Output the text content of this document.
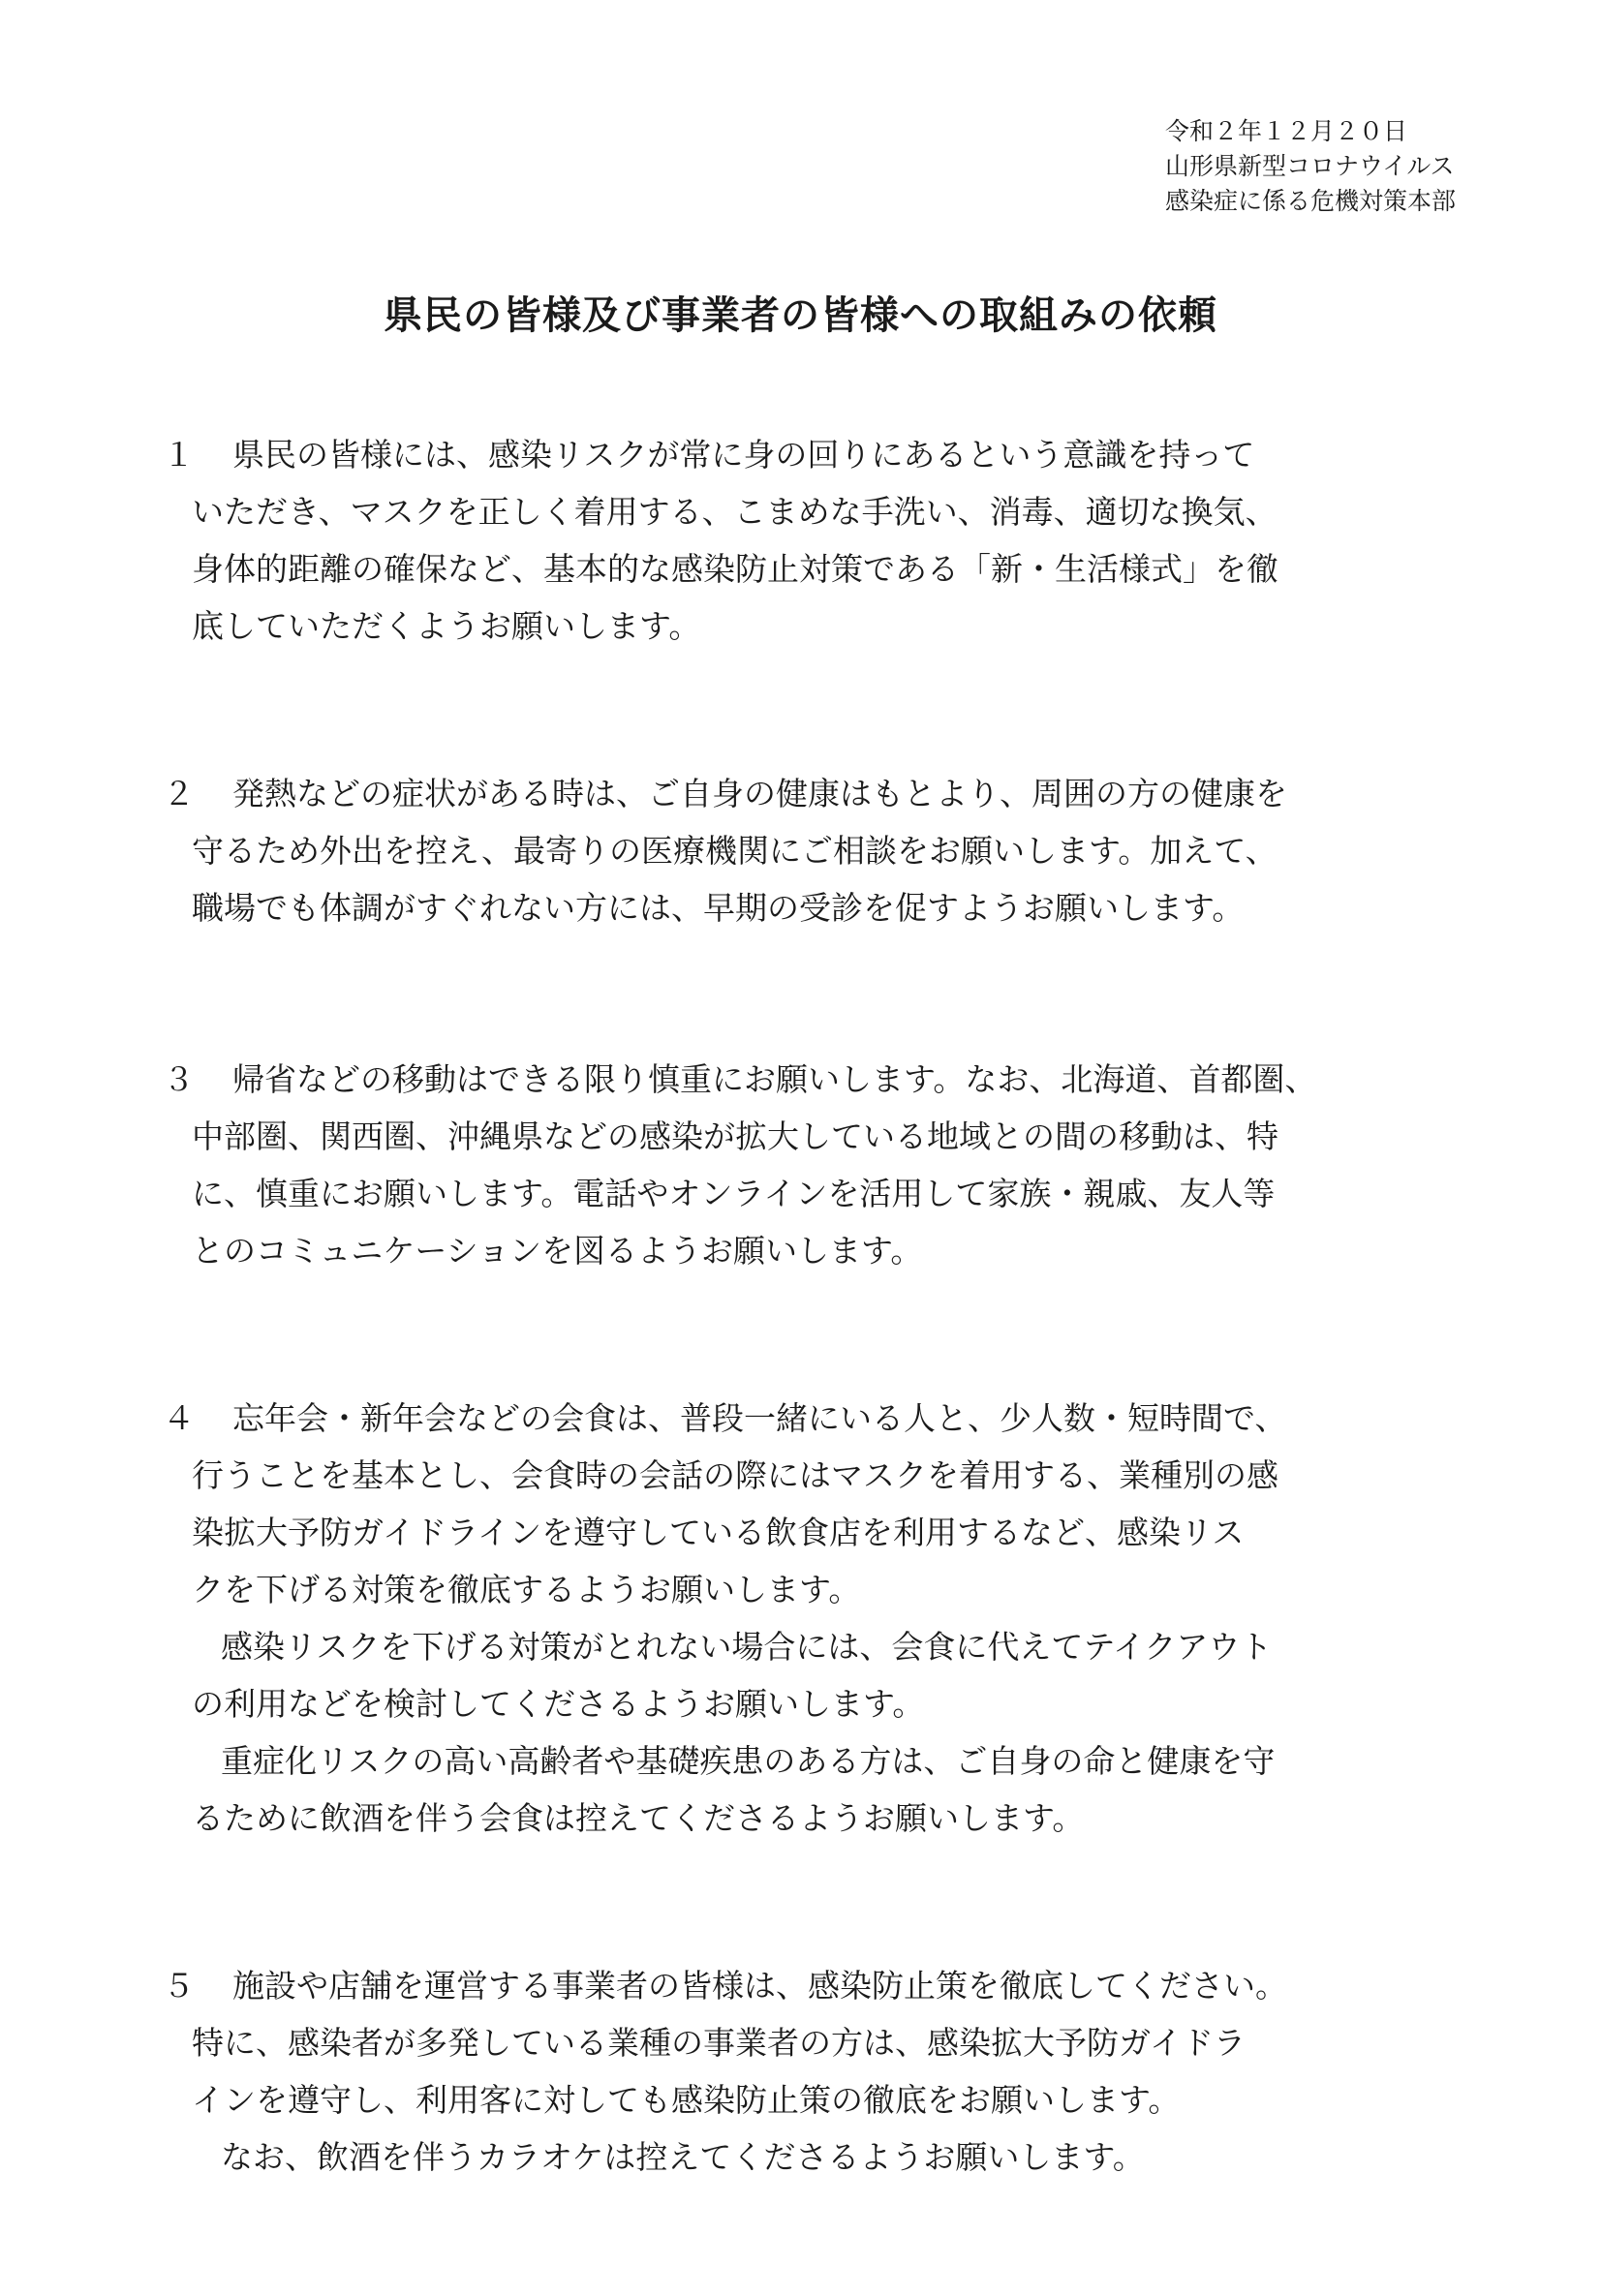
令和２年１２月２０日
山形県新型コロナウイルス
感染症に係る危機対策本部
県民の皆様及び事業者の皆様への取組みの依頼
１ 県民の皆様には、感染リスクが常に身の回りにあるという意識を持って
いただき、マスクを正しく着用する、こまめな手洗い、消毒、適切な換気、
身体的距離の確保など、基本的な感染防止対策である「新・生活様式」を徹
底していただくようお願いします。
２ 発熱などの症状がある時は、ご自身の健康はもとより、周囲の方の健康を
守るため外出を控え、最寄りの医療機関にご相談をお願いします。加えて、
職場でも体調がすぐれない方には、早期の受診を促すようお願いします。
３ 帰省などの移動はできる限り慎重にお願いします。なお、北海道、首都圏、
中部圏、関西圏、沖縄県などの感染が拡大している地域との間の移動は、特
に、慎重にお願いします。電話やオンラインを活用して家族・親戚、友人等
とのコミュニケーションを図るようお願いします。
４ 忘年会・新年会などの会食は、普段一緒にいる人と、少人数・短時間で、
行うことを基本とし、会食時の会話の際にはマスクを着用する、業種別の感
染拡大予防ガイドラインを遵守している飲食店を利用するなど、感染リス
クを下げる対策を徹底するようお願いします。
感染リスクを下げる対策がとれない場合には、会食に代えてテイクアウト
の利用などを検討してくださるようお願いします。
重症化リスクの高い高齢者や基礎疾患のある方は、ご自身の命と健康を守
るために飲酒を伴う会食は控えてくださるようお願いします。
５ 施設や店舗を運営する事業者の皆様は、感染防止策を徹底してください。
特に、感染者が多発している業種の事業者の方は、感染拡大予防ガイドラ
インを遵守し、利用客に対しても感染防止策の徹底をお願いします。
なお、飲酒を伴うカラオケは控えてくださるようお願いします。
